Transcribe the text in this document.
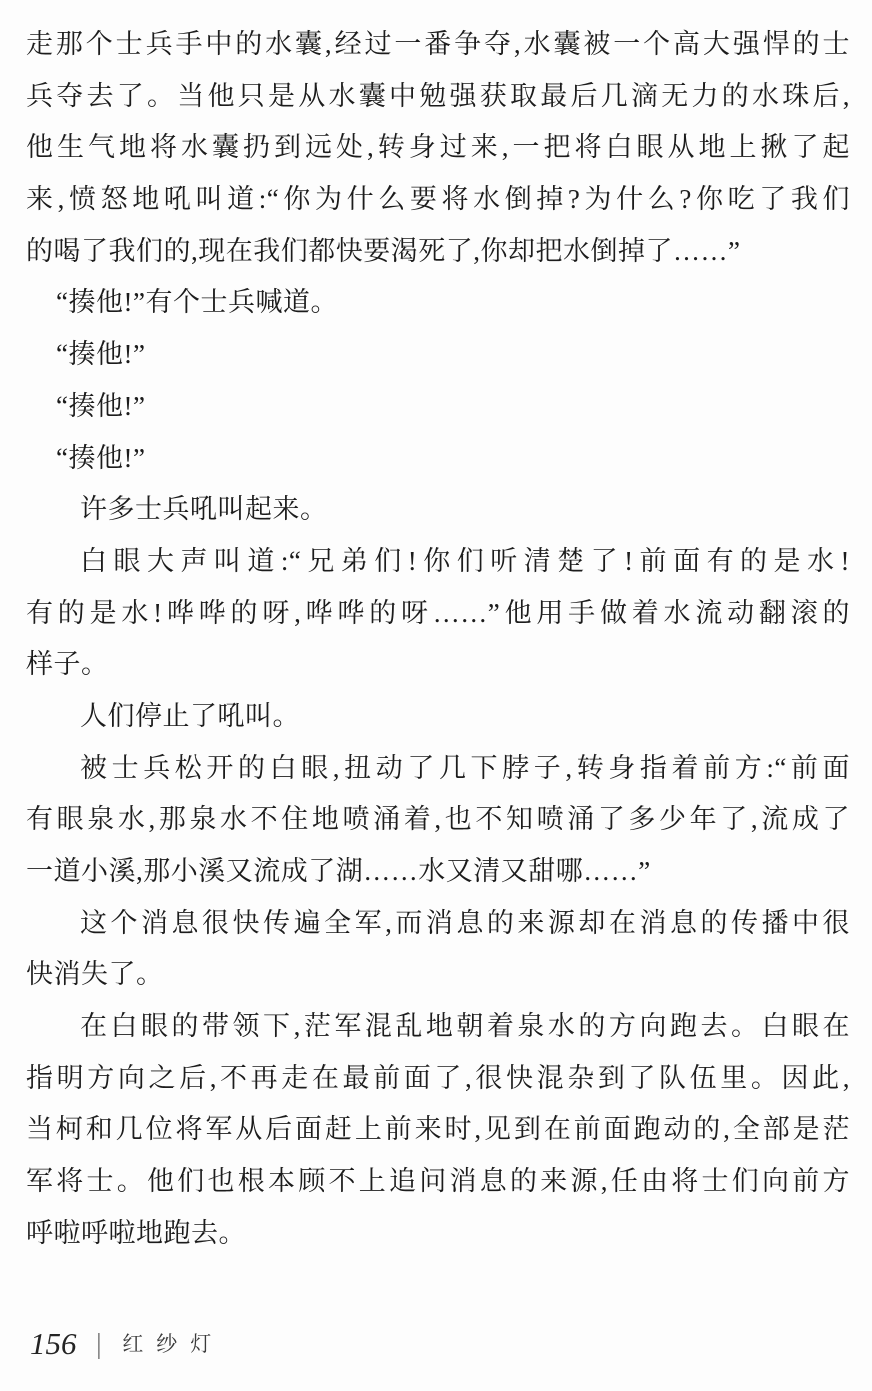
走那个士兵手中的水囊,经过一番争夺,水囊被一个高大强悍的士
兵夺去了。当他只是从水囊中勉强获取最后几滴无力的水珠后,
他生气地将水囊扔到远处,转身过来,一把将白眼从地上揪了起
来,愤怒地吼叫道:“你为什么要将水倒掉?为什么?你吃了我们
的喝了我们的,现在我们都快要渴死了,你却把水倒掉了……”
“揍他!”有个士兵喊道。
“揍他!”
“揍他!”
“揍他!”
许多士兵吼叫起来。
白眼大声叫道:“兄弟们!你们听清楚了!前面有的是水!
有的是水!哗哗的呀,哗哗的呀……”他用手做着水流动翻滚的
样子。
人们停止了吼叫。
被士兵松开的白眼,扭动了几下脖子,转身指着前方:“前面
有眼泉水,那泉水不住地喷涌着,也不知喷涌了多少年了,流成了
一道小溪,那小溪又流成了湖……水又清又甜哪……”
这个消息很快传遍全军,而消息的来源却在消息的传播中很
快消失了。
在白眼的带领下,茫军混乱地朝着泉水的方向跑去。白眼在
指明方向之后,不再走在最前面了,很快混杂到了队伍里。因此,
当柯和几位将军从后面赶上前来时,见到在前面跑动的,全部是茫
军将士。他们也根本顾不上追问消息的来源,任由将士们向前方
呼啦呼啦地跑去。
156 | 红纱灯
